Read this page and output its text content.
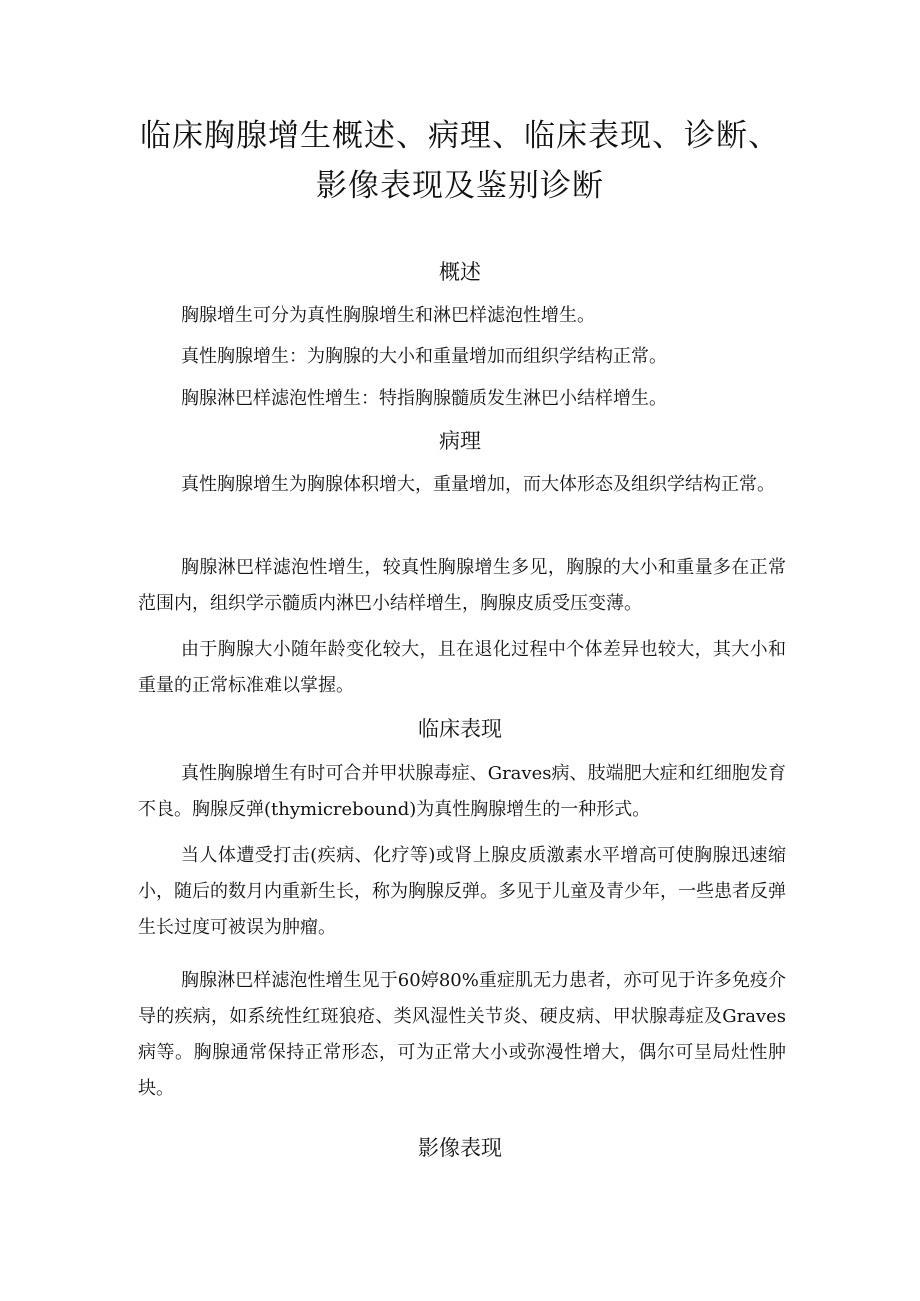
临床胸腺增生概述、病理、临床表现、诊断、
影像表现及鉴别诊断
概述

胸腺增生可分为真性胸腺增生和淋巴样滤泡性增生。

真性胸腺增生：为胸腺的大小和重量增加而组织学结构正常。

胸腺淋巴样滤泡性增生：特指胸腺髓质发生淋巴小结样增生。

病理

真性胸腺增生为胸腺体积增大，重量增加，而大体形态及组织学结构正常。

胸腺淋巴样滤泡性增生，较真性胸腺增生多见，胸腺的大小和重量多在正常范围内，组织学示髓质内淋巴小结样增生，胸腺皮质受压变薄。

由于胸腺大小随年龄变化较大，且在退化过程中个体差异也较大，其大小和重量的正常标准难以掌握。

临床表现

真性胸腺增生有时可合并甲状腺毒症、Graves病、肢端肥大症和红细胞发育不良。胸腺反弹(thymicrebound)为真性胸腺增生的一种形式。

当人体遭受打击(疾病、化疗等)或肾上腺皮质激素水平增高可使胸腺迅速缩小，随后的数月内重新生长，称为胸腺反弹。多见于儿童及青少年，一些患者反弹生长过度可被误为肿瘤。

胸腺淋巴样滤泡性增生见于60婷80%重症肌无力患者，亦可见于许多免疫介导的疾病，如系统性红斑狼疮、类风湿性关节炎、硬皮病、甲状腺毒症及Graves病等。胸腺通常保持正常形态，可为正常大小或弥漫性增大，偶尔可呈局灶性肿块。

影像表现
